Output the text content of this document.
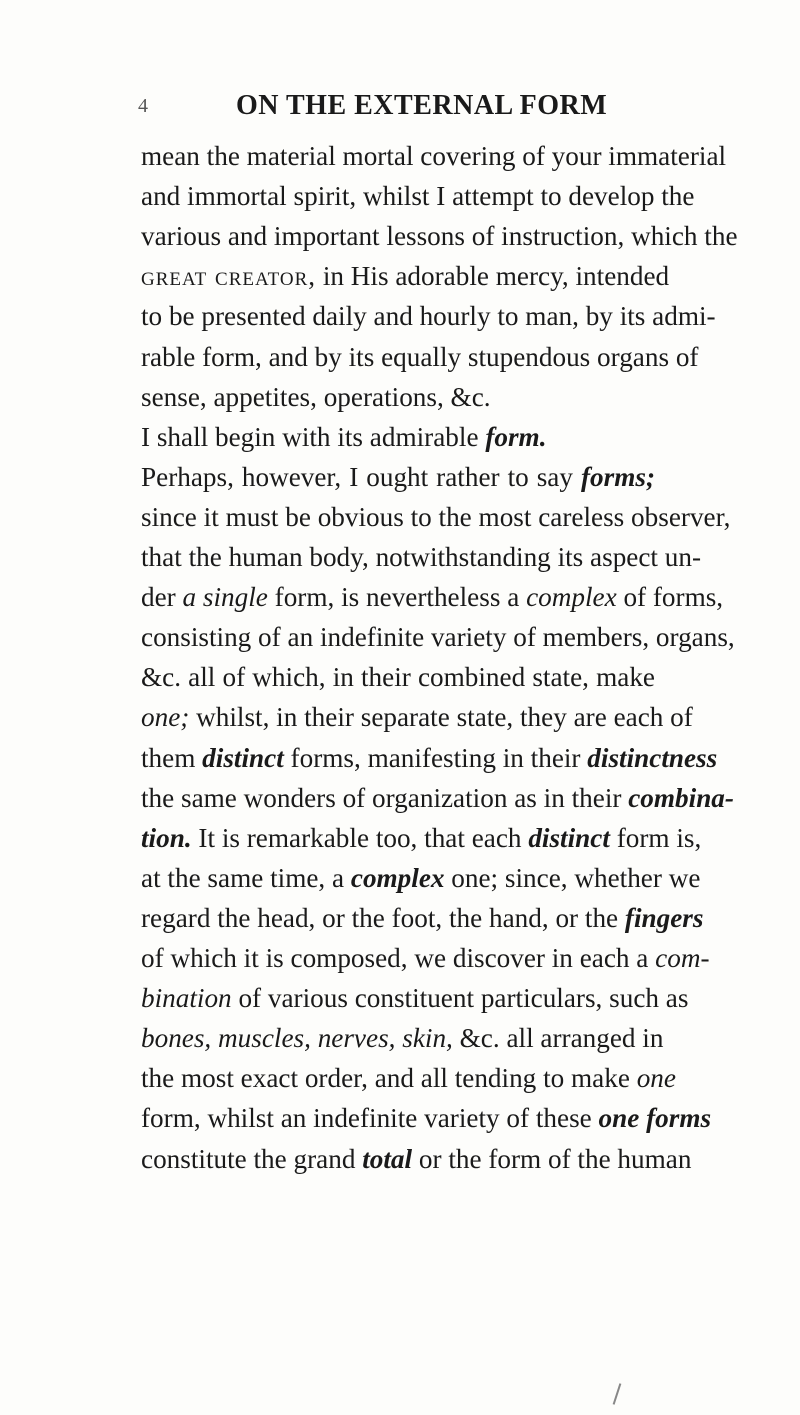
4	ON THE EXTERNAL FORM
mean the material mortal covering of your immaterial
and immortal spirit, whilst I attempt to develop the
various and important lessons of instruction, which the
great creator, in His adorable mercy, intended
to be presented daily and hourly to man, by its admi-
rable form, and by its equally stupendous organs of
sense, appetites, operations, &c.
I shall begin with its admirable form.
Perhaps, however, I ought rather to say forms;
since it must be obvious to the most careless observer,
that the human body, notwithstanding its aspect un-
der a single form, is nevertheless a complex of forms,
consisting of an indefinite variety of members, organs,
&c. all of which, in their combined state, make
one; whilst, in their separate state, they are each of
them distinct forms, manifesting in their distinctness
the same wonders of organization as in their combina-
tion. It is remarkable too, that each distinct form is,
at the same time, a complex one; since, whether we
regard the head, or the foot, the hand, or the fingers
of which it is composed, we discover in each a com-
bination of various constituent particulars, such as
bones, muscles, nerves, skin, &c. all arranged in
the most exact order, and all tending to make one
form, whilst an indefinite variety of these one forms
constitute the grand total or the form of the human
